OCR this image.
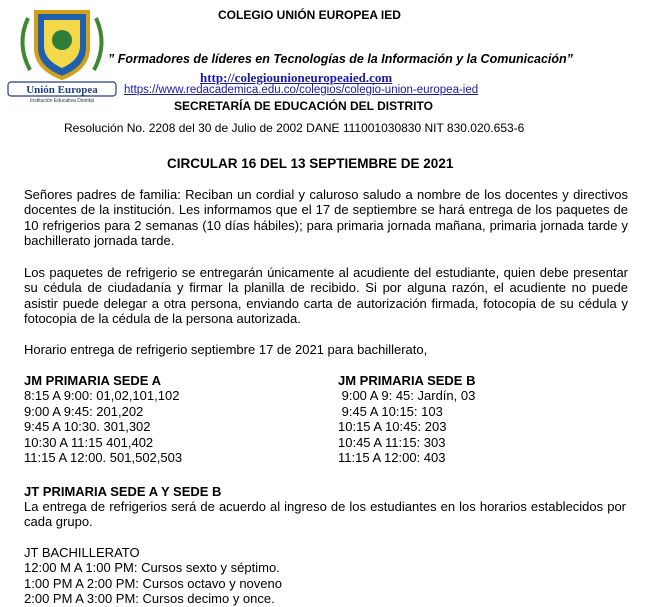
Unión Europea
Institución Educativa Distrital
COLEGIO UNIÓN EUROPEA IED
” Formadores de líderes en Tecnologías de la Información y la Comunicación”
http://colegiounioneuropeaied.com
https://www.redacademica.edu.co/colegios/colegio-union-europea-ied
SECRETARÍA DE EDUCACIÓN DEL DISTRITO
Resolución No. 2208 del 30 de Julio de 2002 DANE 111001030830 NIT 830.020.653-6
CIRCULAR 16 DEL 13 SEPTIEMBRE DE 2021
Señores padres de familia: Reciban un cordial y caluroso saludo a nombre de los docentes y directivos docentes de la institución. Les informamos que el 17 de septiembre se hará entrega de los paquetes de 10 refrigerios para 2 semanas (10 días hábiles); para primaria jornada mañana, primaria jornada tarde y bachillerato jornada tarde.
Los paquetes de refrigerio se entregarán únicamente al acudiente del estudiante, quien debe presentar su cédula de ciudadanía y firmar la planilla de recibido. Si por alguna razón, el acudiente no puede asistir puede delegar a otra persona, enviando carta de autorización firmada, fotocopia de su cédula y fotocopia de la cédula de la persona autorizada.
Horario entrega de refrigerio septiembre 17 de 2021 para bachillerato,
JM PRIMARIA SEDE A
8:15 A 9:00: 01,02,101,102
9:00 A 9:45: 201,202
9:45 A 10:30. 301,302
10:30 A 11:15 401,402
11:15 A 12:00. 501,502,503
JM PRIMARIA SEDE B
9:00 A 9: 45: Jardín, 03
9:45 A 10:15: 103
10:15 A 10:45: 203
10:45 A 11:15: 303
11:15 A 12:00: 403
JT PRIMARIA SEDE A Y SEDE B
La entrega de refrigerios será de acuerdo al ingreso de los estudiantes en los horarios establecidos por cada grupo.
JT BACHILLERATO
12:00 M A 1:00 PM: Cursos sexto y séptimo.
1:00 PM A 2:00 PM: Cursos octavo y noveno
2:00 PM A 3:00 PM: Cursos decimo y once.
